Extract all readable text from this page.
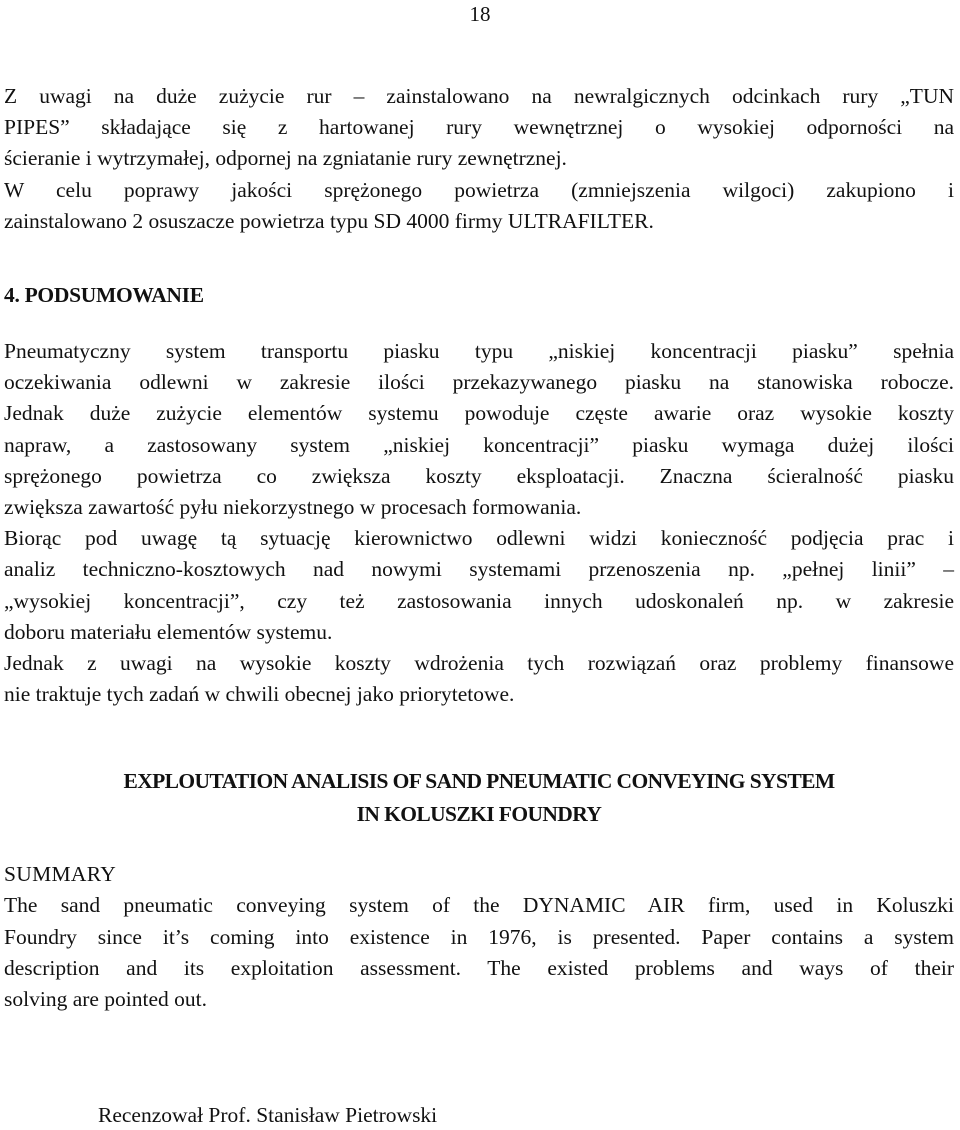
18

Z uwagi na duże zużycie rur – zainstalowano na newralgicznych odcinkach rury „TUN
PIPES” składające się z hartowanej rury wewnętrznej o wysokiej odporności na
ścieranie i wytrzymałej, odpornej na zgniatanie rury zewnętrznej.
W celu poprawy jakości sprężonego powietrza (zmniejszenia wilgoci) zakupiono i
zainstalowano 2 osuszacze powietrza typu SD 4000 firmy ULTRAFILTER.

4. PODSUMOWANIE

Pneumatyczny system transportu piasku typu „niskiej koncentracji piasku” spełnia
oczekiwania odlewni w zakresie ilości przekazywanego piasku na stanowiska robocze.
Jednak duże zużycie elementów systemu powoduje częste awarie oraz wysokie koszty
napraw, a zastosowany system „niskiej koncentracji” piasku wymaga dużej ilości
sprężonego powietrza co zwiększa koszty eksploatacji. Znaczna ścieralność piasku
zwiększa zawartość pyłu niekorzystnego w procesach formowania.
Biorąc pod uwagę tą sytuację kierownictwo odlewni widzi konieczność podjęcia prac i
analiz techniczno-kosztowych nad nowymi systemami przenoszenia np. „pełnej linii” –
„wysokiej koncentracji”, czy też zastosowania innych udoskonaleń np. w zakresie
doboru materiału elementów systemu.
Jednak z uwagi na wysokie koszty wdrożenia tych rozwiązań oraz problemy finansowe
nie traktuje tych zadań w chwili obecnej jako priorytetowe.

EXPLOUTATION ANALISIS OF SAND PNEUMATIC CONVEYING SYSTEM
IN KOLUSZKI FOUNDRY
SUMMARY

The sand pneumatic conveying system of the DYNAMIC AIR firm, used in Koluszki
Foundry since it’s coming into existence in 1976, is presented. Paper contains a system
description and its exploitation assessment. The existed problems and ways of their
solving are pointed out.

Recenzował Prof. Stanisław Pietrowski
